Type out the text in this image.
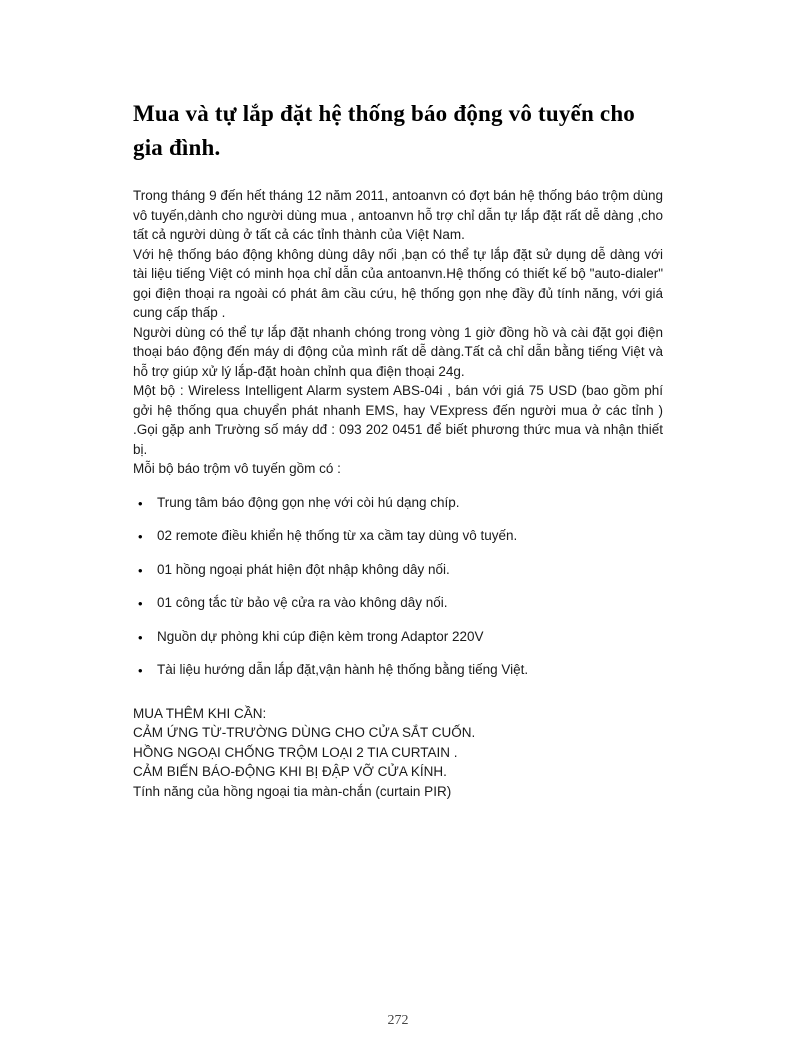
Mua và tự lắp đặt hệ thống báo động vô tuyến cho gia đình.

Trong tháng 9 đến hết tháng 12 năm 2011, antoanvn có đợt bán hệ thống báo trộm dùng vô tuyến,dành cho người dùng mua , antoanvn hỗ trợ chỉ dẫn tự lắp đặt rất dễ dàng ,cho tất cả người dùng ở tất cả các tỉnh thành của Việt Nam.

Với hệ thống báo động không dùng dây nối ,bạn có thể tự lắp đặt sử dụng dễ dàng với tài liệu tiếng Việt có minh họa chỉ dẫn của antoanvn.Hệ thống có thiết kế bộ "auto-dialer" gọi điện thoại ra ngoài có phát âm cầu cứu, hệ thống gọn nhẹ đầy đủ tính năng, với giá cung cấp thấp .

Người dùng có thể tự lắp đặt nhanh chóng trong vòng 1 giờ đồng hồ và cài đặt gọi điện thoại báo động đến máy di động của mình rất dễ dàng.Tất cả chỉ dẫn bằng tiếng Việt và hỗ trợ giúp xử lý lắp-đặt hoàn chỉnh qua điện thoại 24g.

Một bộ : Wireless Intelligent Alarm system ABS-04i , bán với giá 75 USD (bao gồm phí gởi hệ thống qua chuyển phát nhanh EMS, hay VExpress đến người mua ở các tỉnh ) .Gọi gặp anh Trường số máy dđ : 093 202 0451 để biết phương thức mua và nhận thiết bị.

Mỗi bộ báo trộm vô tuyến gồm có :

• Trung tâm báo động gọn nhẹ với còi hú dạng chíp.
• 02 remote điều khiển hệ thống từ xa cầm tay dùng vô tuyến.
• 01 hồng ngoại phát hiện đột nhập không dây nối.
• 01 công tắc từ bảo vệ cửa ra vào không dây nối.
• Nguồn dự phòng khi cúp điện kèm trong Adaptor 220V
• Tài liệu hướng dẫn lắp đặt,vận hành hệ thống bằng tiếng Việt.

MUA THÊM KHI CẦN:

CẢM ỨNG TỪ-TRƯỜNG DÙNG CHO CỬA SẮT CUỐN.

HỒNG NGOẠI CHỐNG TRỘM LOẠI 2 TIA CURTAIN .

CẢM BIẾN BÁO-ĐỘNG KHI BỊ ĐẬP VỠ CỬA KÍNH.

Tính năng của hồng ngoại tia màn-chắn (curtain PIR)

272
